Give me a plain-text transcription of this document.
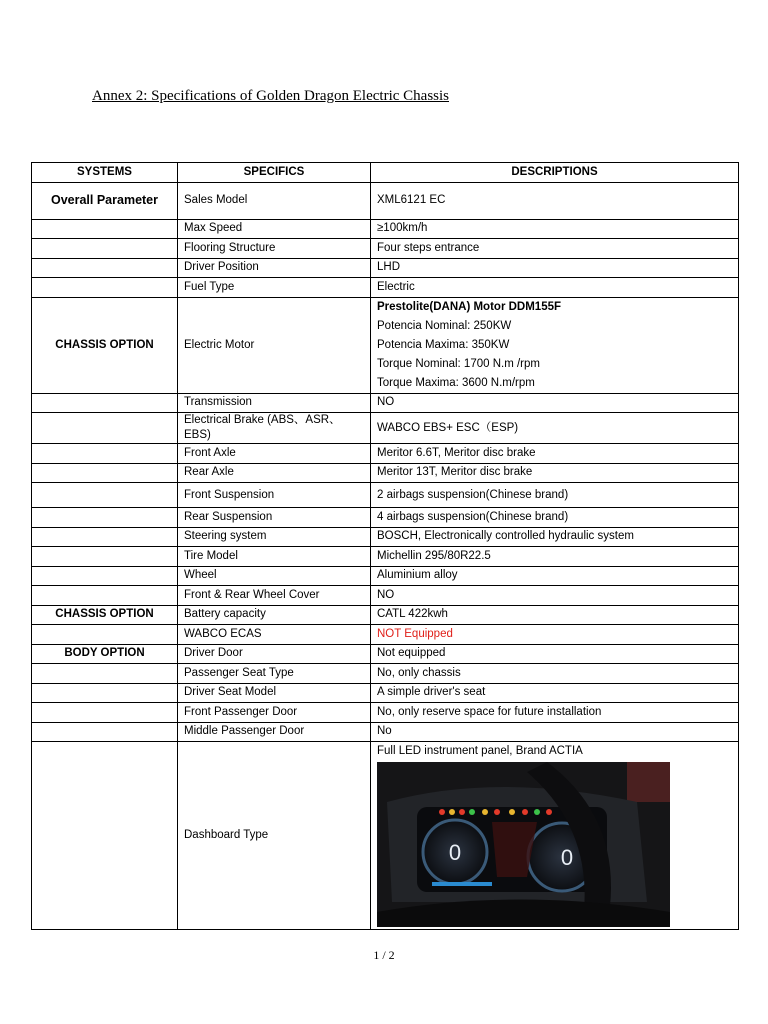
Annex 2: Specifications of Golden Dragon Electric Chassis
SYSTEMS	SPECIFICS	DESCRIPTIONS
Overall Parameter	Sales Model	XML6121 EC
	Max Speed	≥100km/h
	Flooring Structure	Four steps entrance
	Driver Position	LHD
	Fuel Type	Electric
CHASSIS OPTION	Electric Motor	Prestolite(DANA) Motor DDM155F
Potencia Nominal: 250KW
Potencia Maxima: 350KW
Torque Nominal: 1700 N.m /rpm
Torque Maxima: 3600 N.m/rpm

	Transmission	NO
	Electrical Brake (ABS、ASR、EBS)	WABCO EBS+ ESC（ESP)
	Front Axle	Meritor 6.6T, Meritor disc brake
	Rear Axle	Meritor 13T, Meritor disc brake
	Front Suspension	2 airbags suspension(Chinese brand)
	Rear Suspension	4 airbags suspension(Chinese brand)
	Steering system	BOSCH, Electronically controlled hydraulic system
	Tire Model	Michellin 295/80R22.5
	Wheel	Aluminium alloy
	Front & Rear Wheel Cover	NO
CHASSIS OPTION	Battery capacity	CATL 422kwh
	WABCO ECAS	NOT Equipped
BODY OPTION	Driver Door	Not equipped
	Passenger Seat Type	No, only chassis
	Driver Seat Model	A simple driver's seat
	Front Passenger Door	No, only reserve space for future installation
	Middle Passenger Door	No
	Dashboard Type	Full LED instrument panel, Brand ACTIA
0 0
1 / 2
